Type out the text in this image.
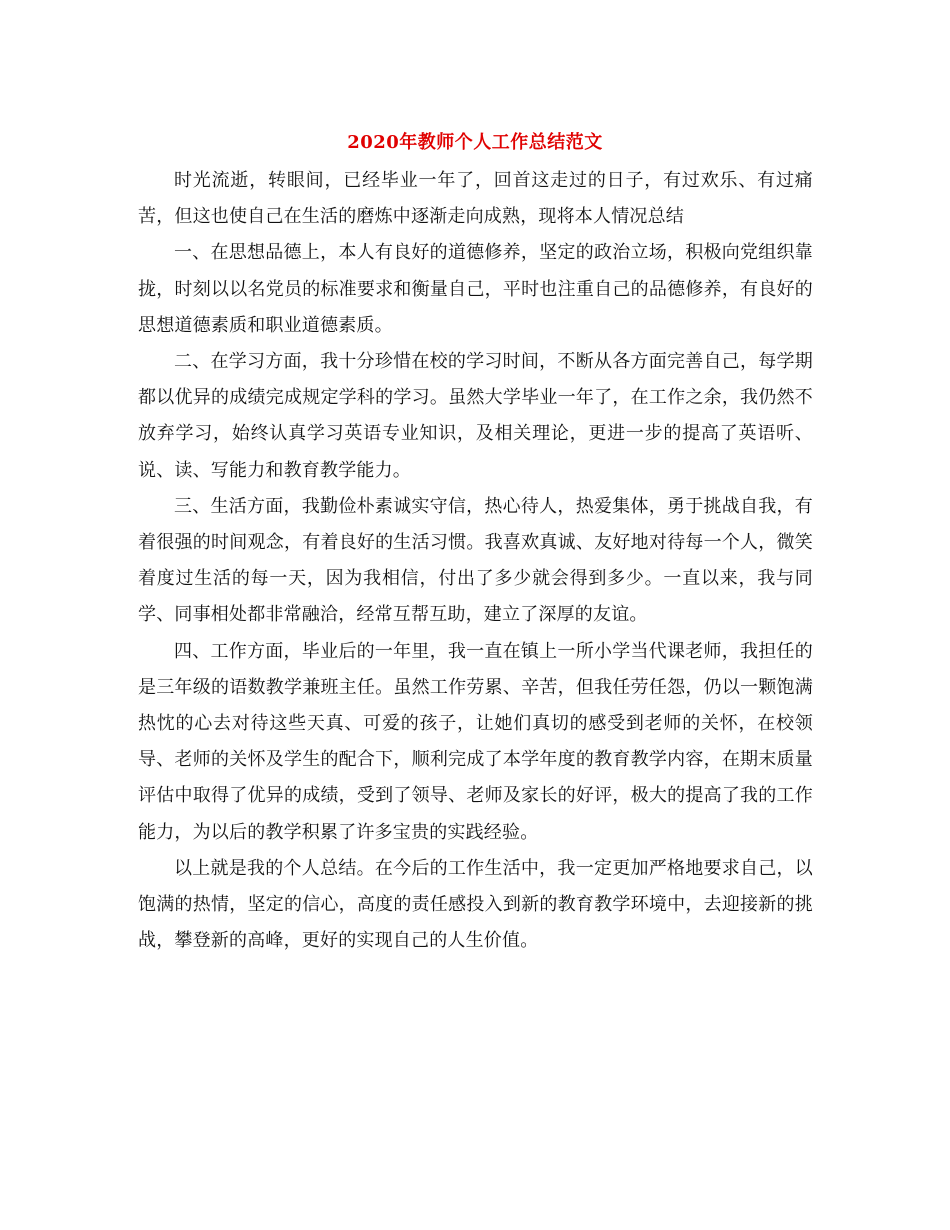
2020年教师个人工作总结范文

时光流逝，转眼间，已经毕业一年了，回首这走过的日子，有过欢乐、有过痛苦，但这也使自己在生活的磨炼中逐渐走向成熟，现将本人情况总结

一、在思想品德上，本人有良好的道德修养，坚定的政治立场，积极向党组织靠拢，时刻以以名党员的标准要求和衡量自己，平时也注重自己的品德修养，有良好的思想道德素质和职业道德素质。

二、在学习方面，我十分珍惜在校的学习时间，不断从各方面完善自己，每学期都以优异的成绩完成规定学科的学习。虽然大学毕业一年了，在工作之余，我仍然不放弃学习，始终认真学习英语专业知识，及相关理论，更进一步的提高了英语听、说、读、写能力和教育教学能力。

三、生活方面，我勤俭朴素诚实守信，热心待人，热爱集体，勇于挑战自我，有着很强的时间观念，有着良好的生活习惯。我喜欢真诚、友好地对待每一个人，微笑着度过生活的每一天，因为我相信，付出了多少就会得到多少。一直以来，我与同学、同事相处都非常融洽，经常互帮互助，建立了深厚的友谊。

四、工作方面，毕业后的一年里，我一直在镇上一所小学当代课老师，我担任的是三年级的语数教学兼班主任。虽然工作劳累、辛苦，但我任劳任怨，仍以一颗饱满热忱的心去对待这些天真、可爱的孩子，让她们真切的感受到老师的关怀，在校领导、老师的关怀及学生的配合下，顺利完成了本学年度的教育教学内容，在期末质量评估中取得了优异的成绩，受到了领导、老师及家长的好评，极大的提高了我的工作能力，为以后的教学积累了许多宝贵的实践经验。

以上就是我的个人总结。在今后的工作生活中，我一定更加严格地要求自己，以饱满的热情，坚定的信心，高度的责任感投入到新的教育教学环境中，去迎接新的挑战，攀登新的高峰，更好的实现自己的人生价值。
